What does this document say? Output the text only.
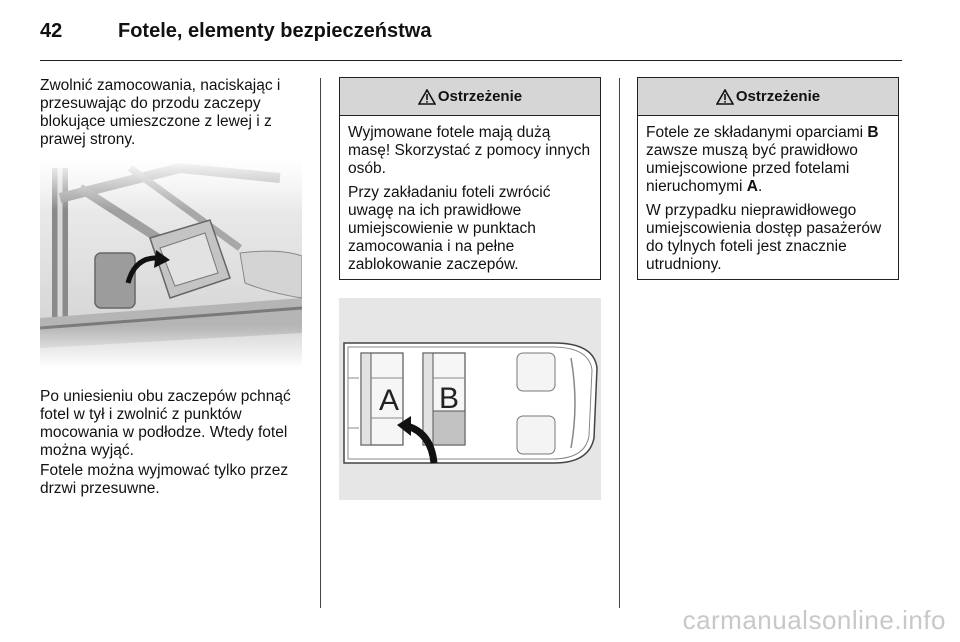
42	Fotele, elementy bezpieczeństwa

Zwolnić zamocowania, naciskając i przesuwając do przodu zaczepy blokujące umieszczone z lewej i z prawej strony.

Po uniesieniu obu zaczepów pchnąć fotel w tył i zwolnić z punktów mocowania w podłodze. Wtedy fotel można wyjąć.

Fotele można wyjmować tylko przez drzwi przesuwne.

Ostrzeżenie

Wyjmowane fotele mają dużą masę! Skorzystać z pomocy innych osób.

Przy zakładaniu foteli zwrócić uwagę na ich prawidłowe umiejscowienie w punktach zamocowania i na pełne zablokowanie zaczepów.

Ostrzeżenie

Fotele ze składanymi oparciami B zawsze muszą być prawidłowo umiejscowione przed fotelami nieruchomymi A.

W przypadku nieprawidłowego umiejscowienia dostęp pasażerów do tylnych foteli jest znacznie utrudniony.

A B
carmanualsonline.info
